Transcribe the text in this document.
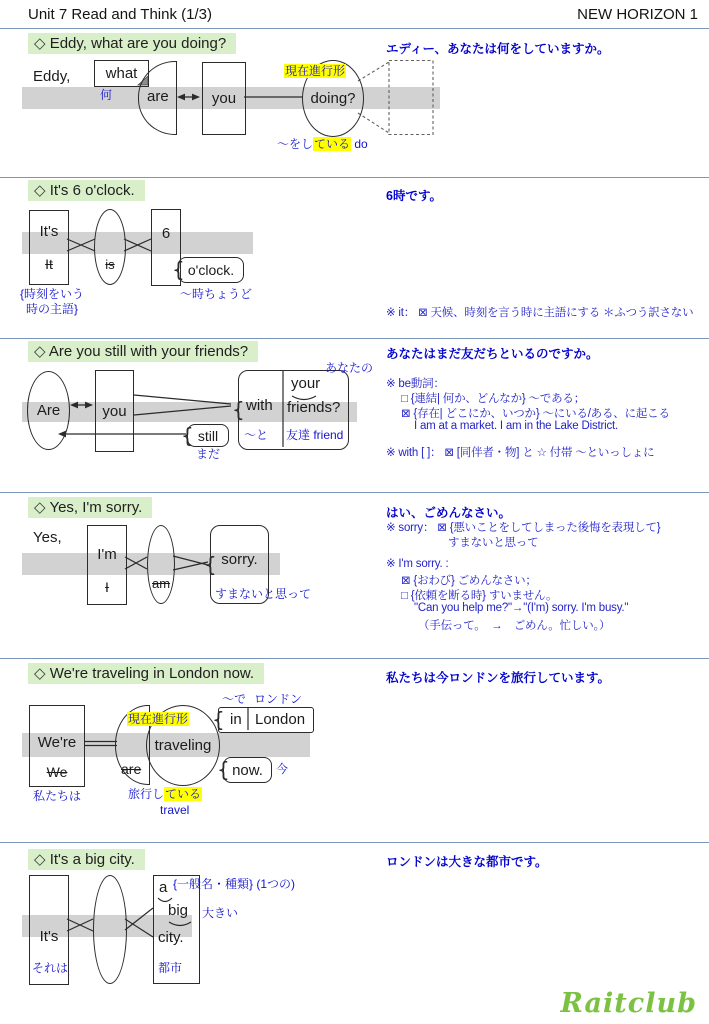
Unit 7 Read and Think (1/3)	NEW HORIZON 1
◇ Eddy, what are you doing?	エディー、あなたは何をしていますか。
Eddy, what
何 are	you	doing?
現在進行形
〜をしている do
◇ It's 6 o'clock.	6時です。
It's
It	is
6
{ o'clock.
{時刻をいう
時の主語}
〜時ちょうど
※ it： ⊠ 天候、時刻を言う時に主語にする ＊ふつう訳さない
◇ Are you still with your friends?	あなたはまだ友だちといるのですか。
Are	you {	with
〜と
your
friends?
友達 friend
あなたの
{ still
まだ
※ be動詞：
□ {連結| 何か、どんなか} 〜である；
⊠ {存在| どこにか、いつか} 〜にいる/ある、に起こる
I am at a market. I am in the Lake District.
※ with [ ]： ⊠ [同伴者・物] と ☆ 付帯 〜といっしょに
◇ Yes, I'm sorry.	はい、ごめんなさい。
Yes,
I'm
I	am
{ sorry.
すまないと思って
※ sorry： ⊠ {悪いことをしてしまった後悔を表現して}
すまないと思って
※ I'm sorry. :
⊠ {おわび} ごめんなさい；
□ {依頼を断る時} すいません。
"Can you help me?"→"(I'm) sorry. I'm busy."
（手伝って。　→　ごめん。忙しい。）
◇ We're traveling in London now.	私たちは今ロンドンを旅行しています。
We're
We
私たちは
are
traveling
現在進行形
旅行している
travel
{ in London
〜で ロンドン
{ now. 今
◇ It's a big city.	ロンドンは大きな都市です。
It's
それは
a
big
city.
都市
{一般名・種類} (1つの)
大きい
Raitclub
